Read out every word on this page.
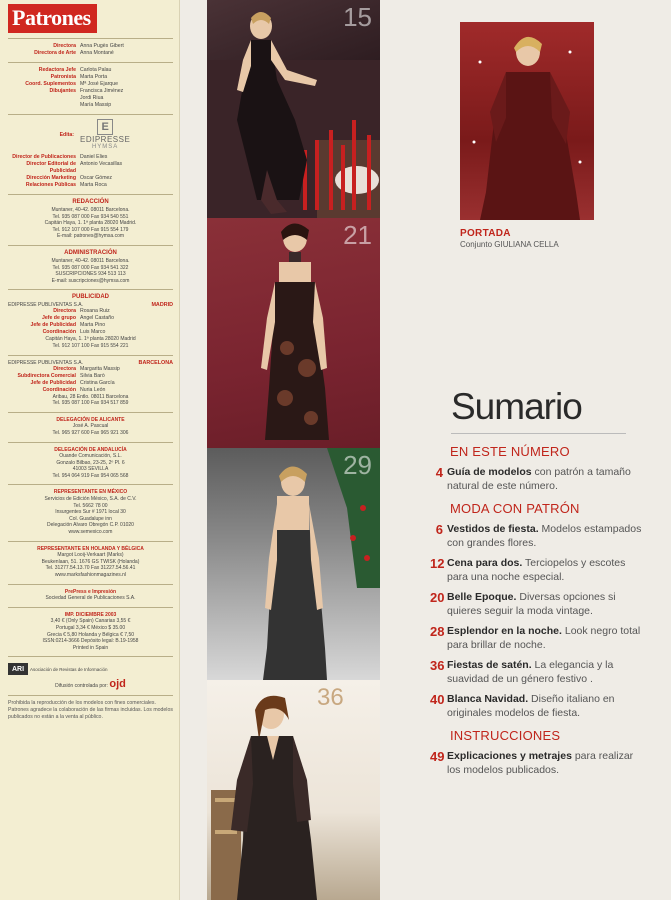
Patrones
Directora Anna Pugès Gibert
Directora de Arte Anna Montané
Redactora Jefe Carlota Palau
Patronista Marta Porta
Coord. Suplementos Mª José Ejarque
Dibujantes Francisca Jiménez
Jordi Riua
María Massip
Edita:
E
EDIPRESSE
HYMSA
Director de Publicaciones Daniel Elies
Director Editorial de Publicidad
Antonio Vecasillas
Dirección Marketing Oscar Gómez
Relaciones Públicas Marta Roca
REDACCIÓN
Muntaner, 40-42. 08011 Barcelona.
Tel. 935 087 000 Fax 934 540 551
Capitán Haya, 1. 1ª planta 28020 Madrid.
Tel. 912 107 000 Fax 915 554 179
E-mail: patrones@hymsa.com
ADMINISTRACIÓN
Muntaner, 40-42. 08011 Barcelona.
Tel. 935 087 000 Fax 934 541 322
SUSCRIPCIONES 934 513 113
E-mail: suscripciones@hymsa.com
PUBLICIDAD
EDIPRESSE PUBLIVENTAS S.A.	MADRID
Directora Rosana Ruiz
Jefe de grupo Angel Castaño
Jefe de Publicidad Marta Pino
Coordinación Luis Marco
Capitán Haya, 1. 1ª planta 28020 Madrid
Tel. 912 107 100 Fax 915 554 221
EDIPRESSE PUBLIVENTAS S.A.	BARCELONA
Directora Margarita Massip
Subdirectora Comercial Silvia Barò
Jefe de Publicidad Cristina García
Coordinación Nuria León
Aribau, 28 Entlo. 08011 Barcelona
Tel. 935 087 100 Fax 934 517 859
DELEGACIÓN DE ALICANTE
José A. Pascual
Tel. 965 927 600 Fax 965 921 306
DELEGACIÓN DE ANDALUCÍA
Ouande Comunicación, S.L.
Gonzalo Bilbao, 23-25, 2º Pl. 6
41003 SEVILLA
Tel. 954 064 919 Fax 954 065 568
REPRESENTANTE EN MÉXICO
Servicios de Edición México, S.A. de C.V.
Tel. 5662 78 00
Insurgentes Sur # 1971 local 30
Col. Guadalupe inn
Delegación Alvaro Obregón C.P. 01020
www.semexico.com
REPRESENTANTE EN HOLANDA Y BÉLGICA
Margot Looij-Verkaart (Marks)
Beukenlaan, 51. 1676 GS TWISK (Holanda)
Tel. 31277.54.13.70 Fax 31227.54.56.41
www.marksfashionmagazines.nl
PrePress e Impresión
Sociedad General de Publicaciones S.A.
IMP. DICIEMBRE 2003
3,40 € (Only Spain) Canarias 3,55 €
Portugal 3,34 € México $ 35.00
Grecia € 5,80 Holanda y Bélgica € 7,50
ISSN:0214-3666 Depósito legal: B.19-1958
Printed in Spain
ARI	Asociación de Revistas de Información
Difusión controlada por: ojd
Prohibida la reproducción de los modelos con fines comerciales. Patrones agradece la colaboración de las firmas incluidas. Los modelos publicados no están a la venta al público.
15
21
29
36
PORTADA
Conjunto GIULIANA CELLA
Sumario
EN ESTE NÚMERO
4 Guía de modelos con patrón a tamaño natural de este número.
MODA CON PATRÓN
6 Vestidos de fiesta. Modelos estampados con grandes flores.
12 Cena para dos. Terciopelos y escotes para una noche especial.
20 Belle Epoque. Diversas opciones si quieres seguir la moda vintage.
28 Esplendor en la noche. Look negro total para brillar de noche.
36 Fiestas de satén. La elegancia y la suavidad de un género festivo .
40 Blanca Navidad. Diseño italiano en originales modelos de fiesta.
INSTRUCCIONES
49 Explicaciones y metrajes para realizar los modelos publicados.
